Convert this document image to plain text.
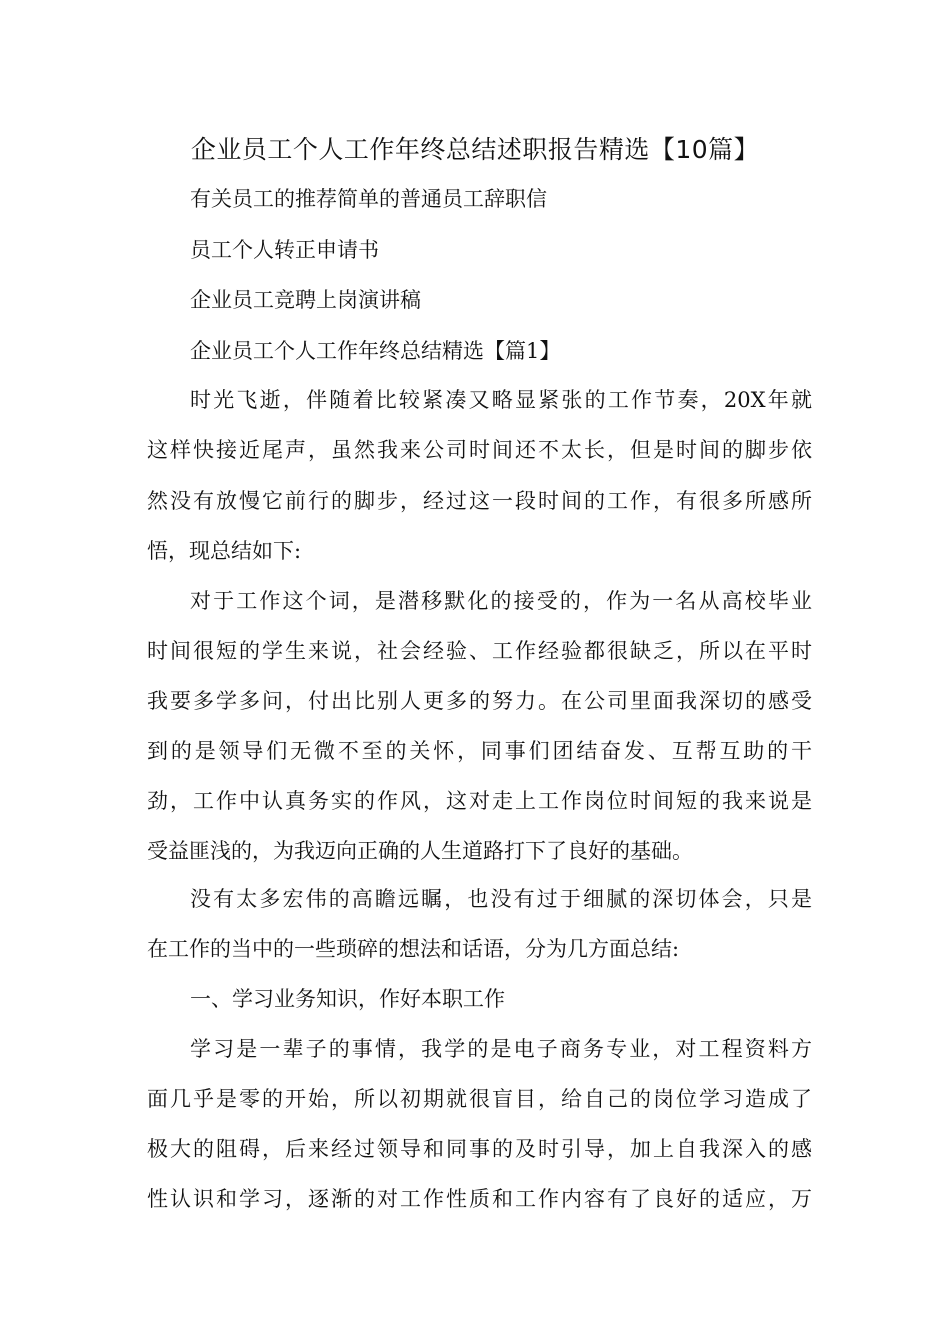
企业员工个人工作年终总结述职报告精选【10篇】
有关员工的推荐简单的普通员工辞职信
员工个人转正申请书
企业员工竞聘上岗演讲稿
企业员工个人工作年终总结精选【篇1】
时光飞逝，伴随着比较紧凑又略显紧张的工作节奏，20X年就
这样快接近尾声，虽然我来公司时间还不太长，但是时间的脚步依
然没有放慢它前行的脚步，经过这一段时间的工作，有很多所感所
悟，现总结如下:
对于工作这个词，是潜移默化的接受的，作为一名从高校毕业
时间很短的学生来说，社会经验、工作经验都很缺乏，所以在平时
我要多学多问，付出比别人更多的努力。在公司里面我深切的感受
到的是领导们无微不至的关怀，同事们团结奋发、互帮互助的干
劲，工作中认真务实的作风，这对走上工作岗位时间短的我来说是
受益匪浅的，为我迈向正确的人生道路打下了良好的基础。
没有太多宏伟的高瞻远瞩，也没有过于细腻的深切体会，只是
在工作的当中的一些琐碎的想法和话语，分为几方面总结:
一、学习业务知识，作好本职工作
学习是一辈子的事情，我学的是电子商务专业，对工程资料方
面几乎是零的开始，所以初期就很盲目，给自己的岗位学习造成了
极大的阻碍，后来经过领导和同事的及时引导，加上自我深入的感
性认识和学习，逐渐的对工作性质和工作内容有了良好的适应，万
